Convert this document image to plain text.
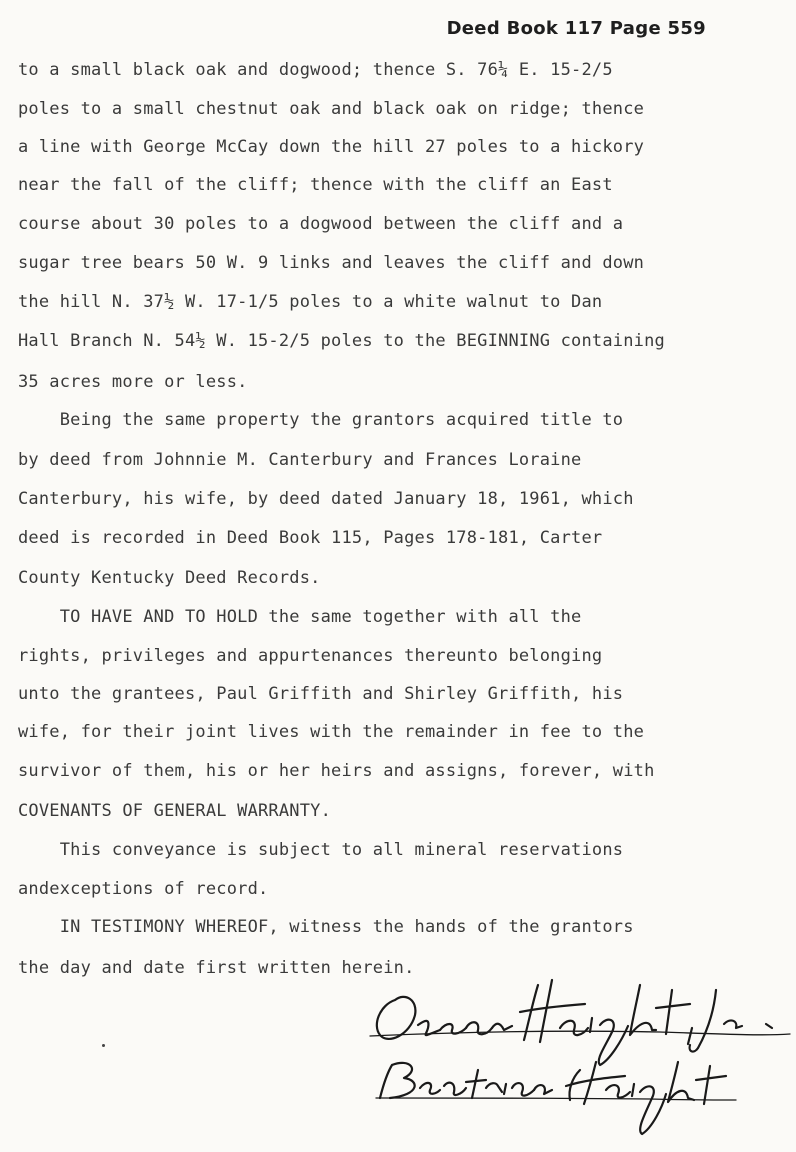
Deed Book 117 Page 559
to a small black oak and dogwood; thence S. 76¼ E. 15-2/5
poles to a small chestnut oak and black oak on ridge; thence
a line with George McCay down the hill 27 poles to a hickory
near the fall of the cliff; thence with the cliff an East
course about 30 poles to a dogwood between the cliff and a
sugar tree bears 50 W. 9 links and leaves the cliff and down
the hill N. 37½ W. 17-1/5 poles to a white walnut to Dan
Hall Branch N. 54½ W. 15-2/5 poles to the BEGINNING containing
35 acres more or less.
Being the same property the grantors acquired title to
by deed from Johnnie M. Canterbury and Frances Loraine
Canterbury, his wife, by deed dated January 18, 1961, which
deed is recorded in Deed Book 115, Pages 178-181, Carter
County Kentucky Deed Records.
TO HAVE AND TO HOLD the same together with all the
rights, privileges and appurtenances thereunto belonging
unto the grantees, Paul Griffith and Shirley Griffith, his
wife, for their joint lives with the remainder in fee to the
survivor of them, his or her heirs and assigns, forever, with
COVENANTS OF GENERAL WARRANTY.
This conveyance is subject to all mineral reservations
andexceptions of record.
IN TESTIMONY WHEREOF, witness the hands of the grantors
the day and date first written herein.
